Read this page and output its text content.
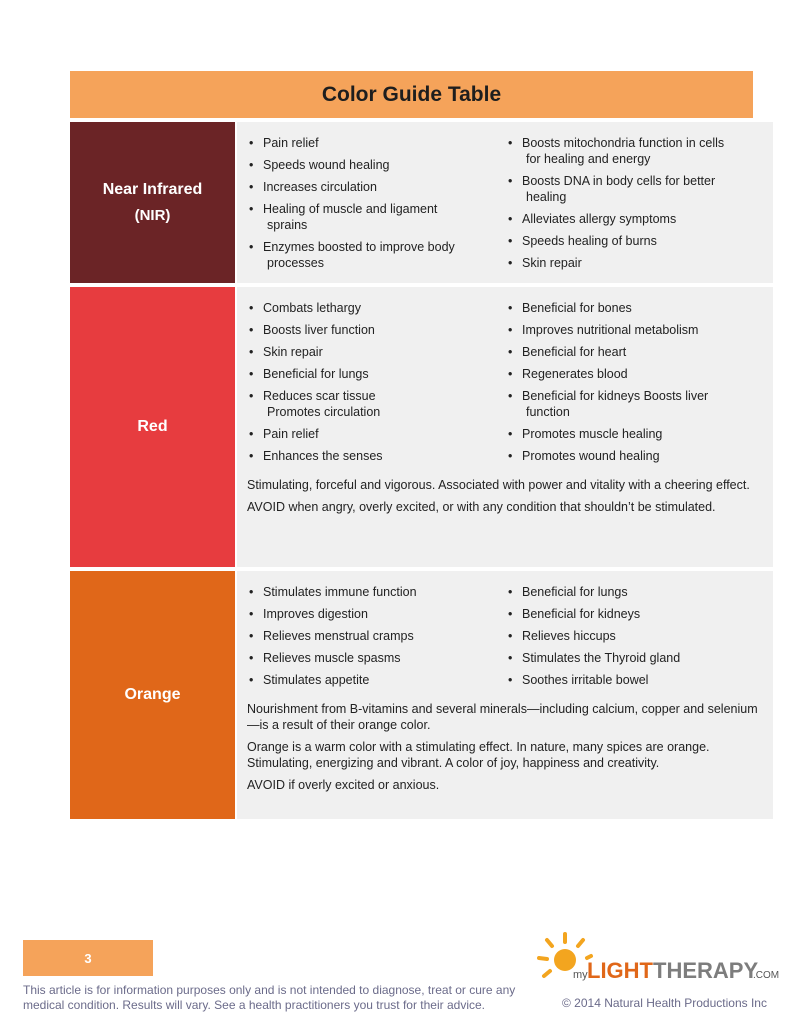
Color Guide Table
Near Infrared
(NIR)
• Pain relief
• Speeds wound healing
• Increases circulation
• Healing of muscle and ligament
sprains
• Enzymes boosted to improve body
processes
• Boosts mitochondria function in cells
for healing and energy
• Boosts DNA in body cells for better
healing
• Alleviates allergy symptoms
• Speeds healing of burns
• Skin repair
Red
• Combats lethargy
• Boosts liver function
• Skin repair
• Beneficial for lungs
• Reduces scar tissue
Promotes circulation
• Pain relief
• Enhances the senses
• Beneficial for bones
• Improves nutritional metabolism
• Beneficial for heart
• Regenerates blood
• Beneficial for kidneys Boosts liver
function
• Promotes muscle healing
• Promotes wound healing

Stimulating, forceful and vigorous. Associated with power and vitality with a cheering effect.

AVOID when angry, overly excited, or with any condition that shouldn’t be stimulated.

Orange
• Stimulates immune function
• Improves digestion
• Relieves menstrual cramps
• Relieves muscle spasms
• Stimulates appetite
• Beneficial for lungs
• Beneficial for kidneys
• Relieves hiccups
• Stimulates the Thyroid gland
• Soothes irritable bowel

Nourishment from B-vitamins and several minerals—including calcium, copper and selenium—is a result of their orange color.

Orange is a warm color with a stimulating effect. In nature, many spices are orange. Stimulating, energizing and vibrant. A color of joy, happiness and creativity.

AVOID if overly excited or anxious.

3
This article is for information purposes only and is not intended to diagnose, treat or cure any medical condition. Results will vary. See a health practitioners you trust for their advice.
my LIGHT THERAPY
.COM
© 2014 Natural Health Productions Inc
